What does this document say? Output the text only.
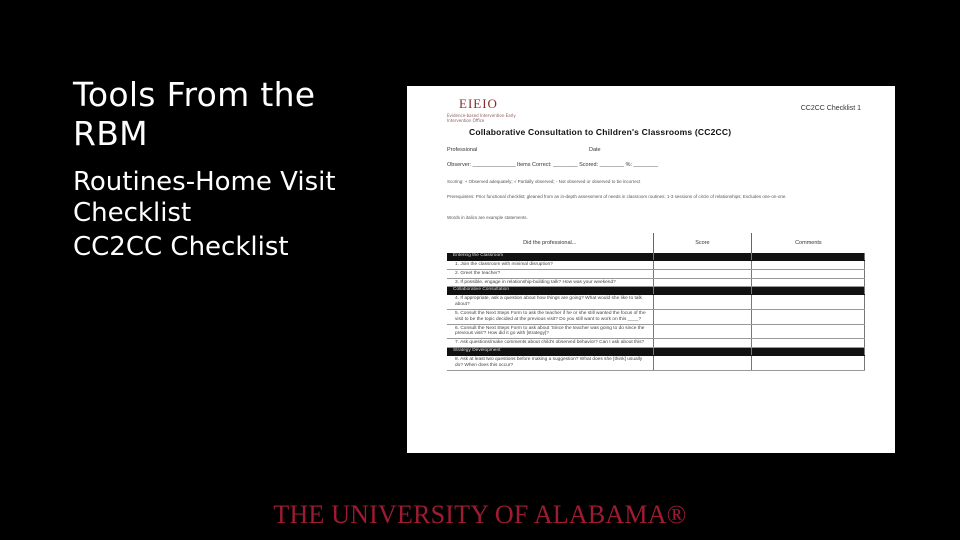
Tools From the
RBM
Routines-Home Visit
Checklist
CC2CC Checklist
EIEIO
Evidence-based Intervention Early Intervention Office
CC2CC Checklist 1
Collaborative Consultation to Children's Classrooms (CC2CC)
Professional	Date
Observer: ______________ Items Correct: ________ Scored: ________ %: ________
Scoring: + Observed adequately; √ Partially observed; - Not observed or observed to be incorrect
Prerequisites: Prior functional checklist; gleaned from an in-depth assessment of needs in classroom routines; 1-3 sessions of circle of relationships; Excludes one-on-one.
Words in italics are example statements.
Did the professional...	Score	Comments
Entering the Classroom		
1. Join the classroom with minimal disruption?		
2. Greet the teacher?		
3. If possible, engage in relationship-building talk? How was your weekend?		
Collaborative Consultation		
4. If appropriate, ask a question about how things are going? What would she like to talk about?		
5. Consult the Next Steps Form to ask the teacher if he or she still wanted the focus of the visit to be the topic decided at the previous visit? Do you still want to work on this ____?		
6. Consult the Next Steps Form to ask about 'Since the teacher was going to do since the previous visit'? How did it go with [strategy]?		
7. Ask questions/make comments about child's observed behavior? Can I ask about this?		
Strategy Development		
8. Ask at least two questions before making a suggestion? What does she [think] usually do? When does this occur?		
THE UNIVERSITY OF ALABAMA®
